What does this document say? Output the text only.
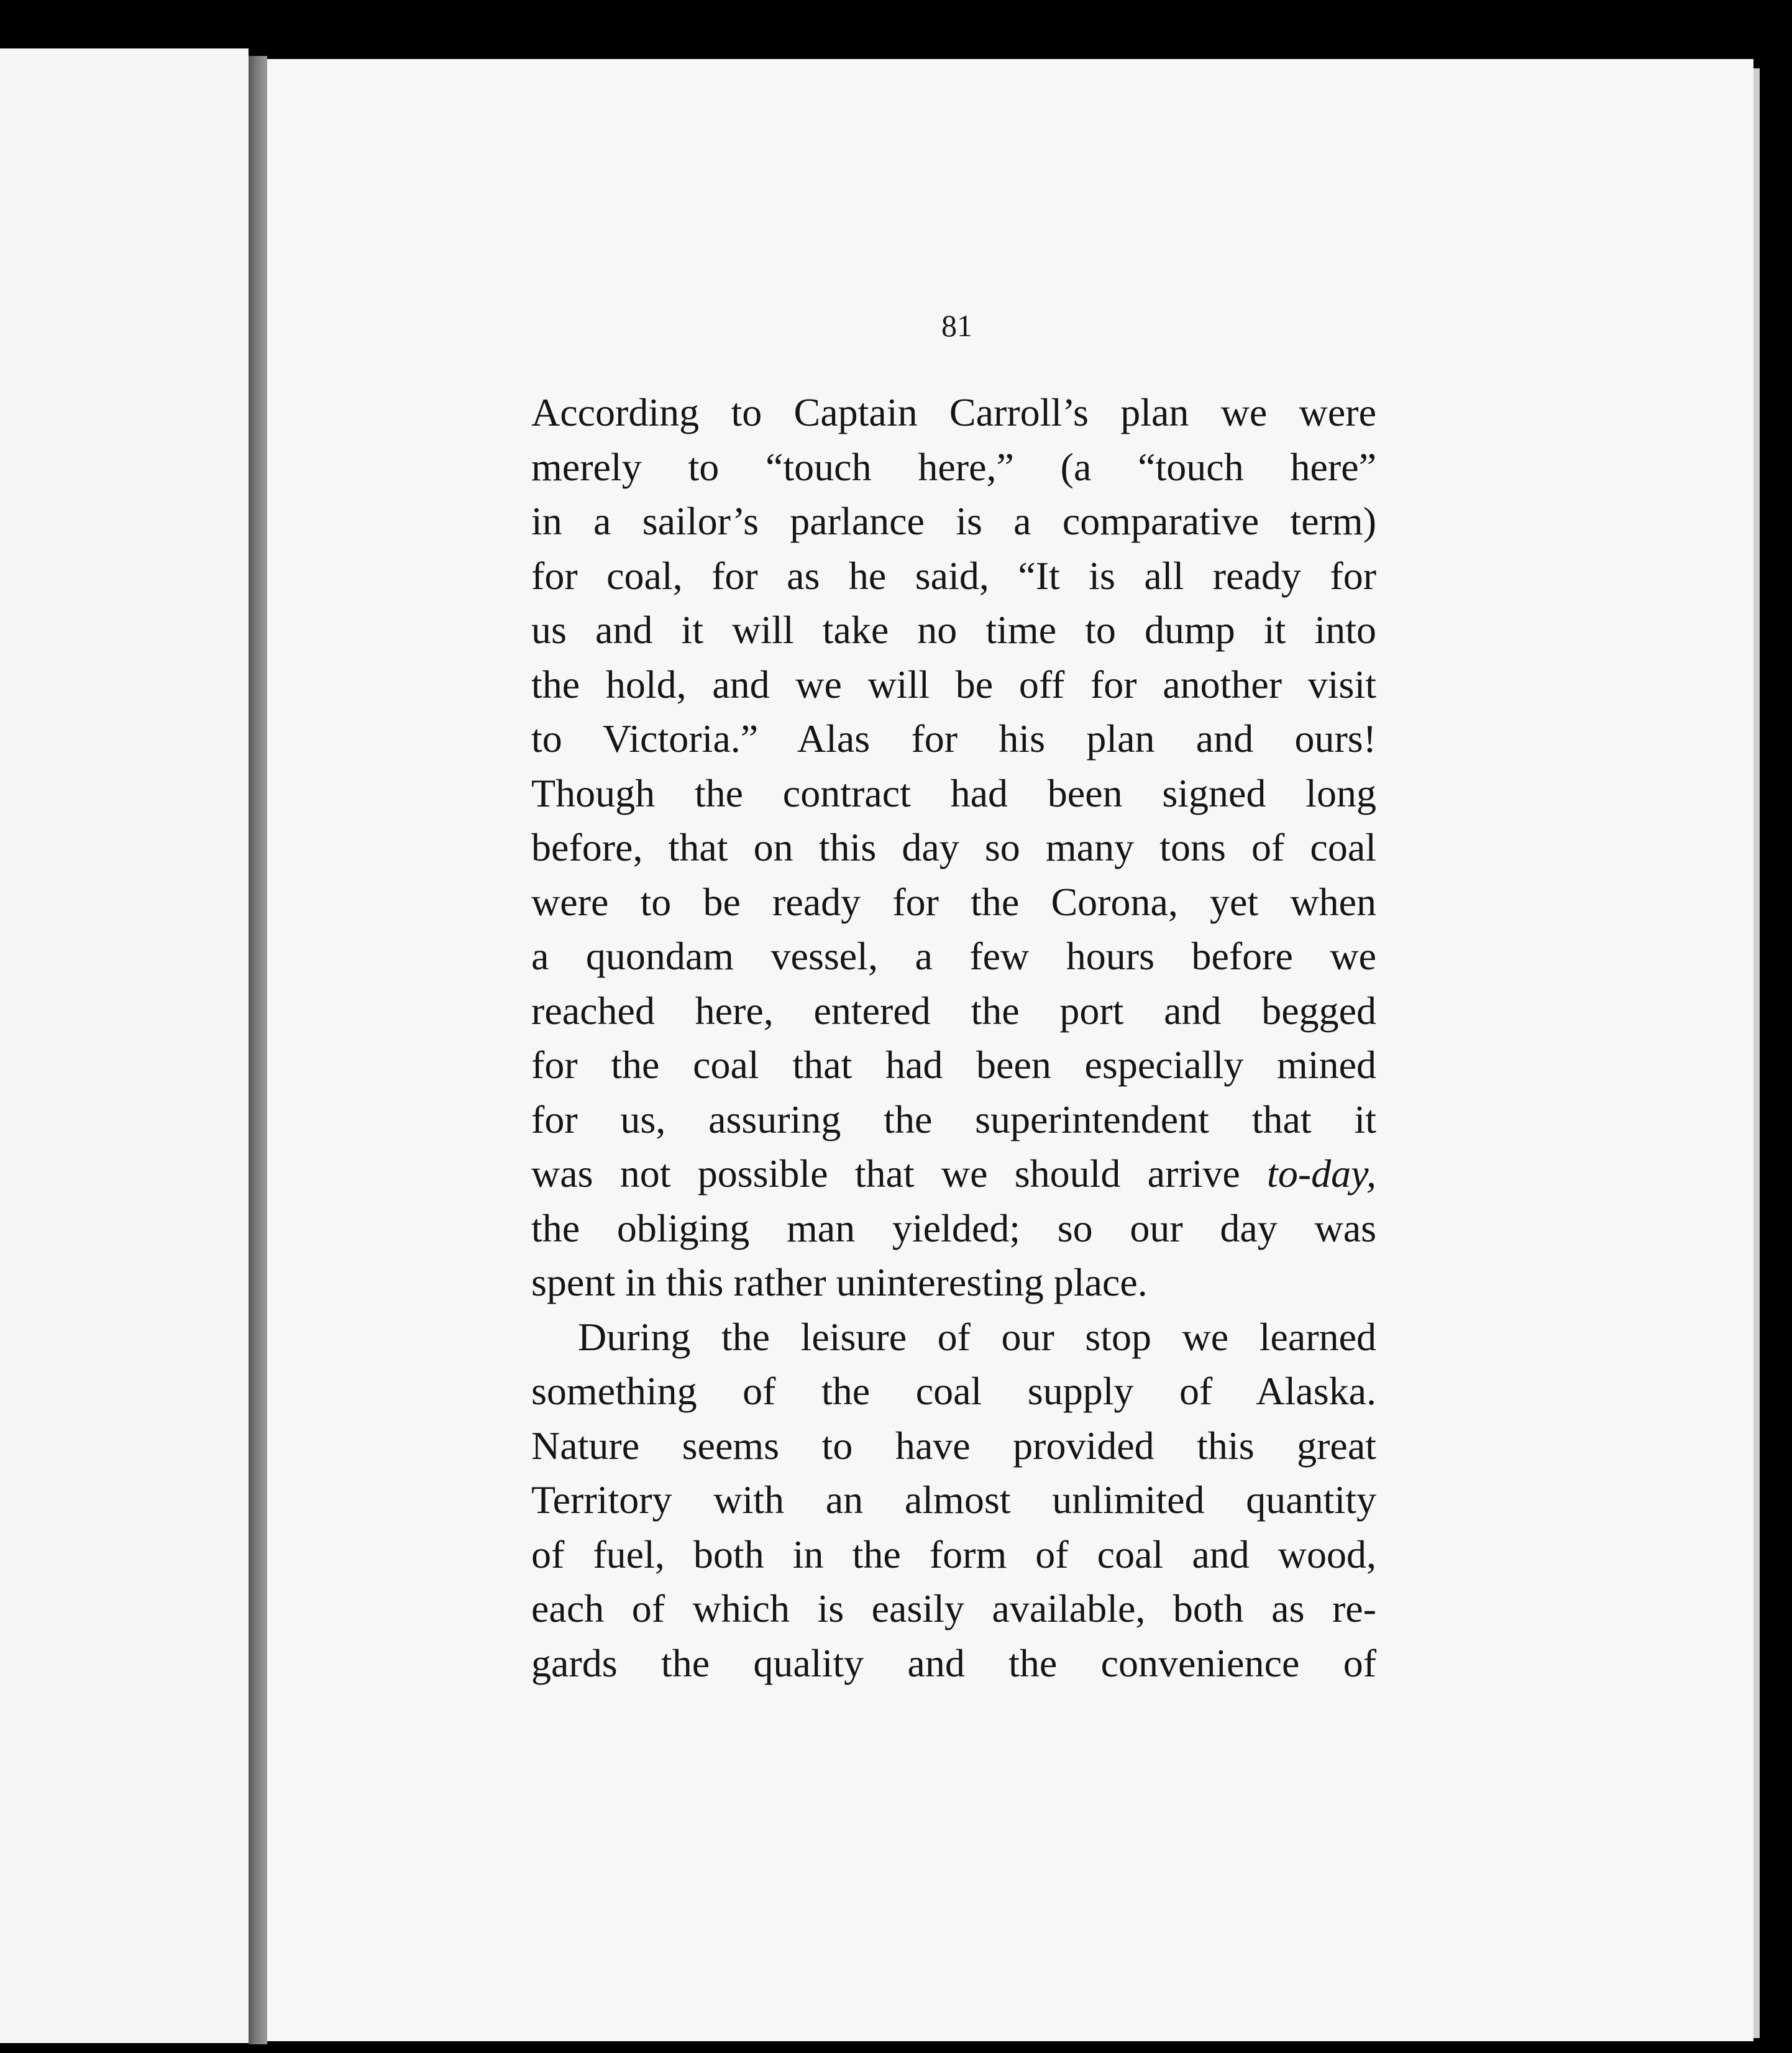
81
According to Captain Carroll’s plan we were
merely to “touch here,” (a “touch here”
in a sailor’s parlance is a comparative term)
for coal, for as he said, “It is all ready for
us and it will take no time to dump it into
the hold, and we will be off for another visit
to Victoria.” Alas for his plan and ours!
Though the contract had been signed long
before, that on this day so many tons of coal
were to be ready for the Corona, yet when
a quondam vessel, a few hours before we
reached here, entered the port and begged
for the coal that had been especially mined
for us, assuring the superintendent that it
was not possible that we should arrive to-day,
the obliging man yielded; so our day was
spent in this rather uninteresting place.
During the leisure of our stop we learned
something of the coal supply of Alaska.
Nature seems to have provided this great
Territory with an almost unlimited quantity
of fuel, both in the form of coal and wood,
each of which is easily available, both as re-
gards the quality and the convenience of
